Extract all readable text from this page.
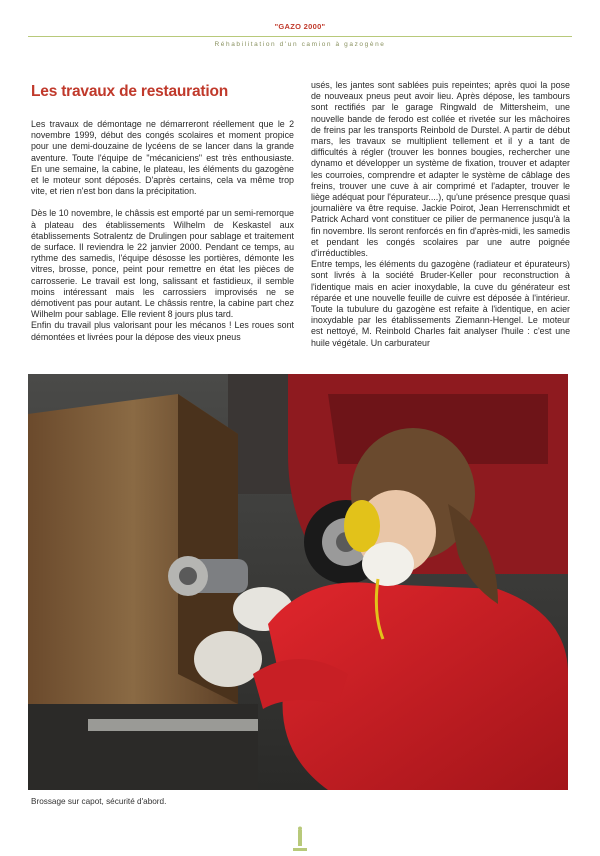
"GAZO 2000"
Réhabilitation d'un camion à gazogène
Les travaux de restauration

Les travaux de démontage ne démarreront réellement que le 2 novembre 1999, début des congés scolaires et moment propice pour une demi-douzaine de lycéens de se lancer dans la grande aventure. Toute l'équipe de "mécaniciens" est très enthousiaste. En une semaine, la cabine, le plateau, les éléments du gazogène et le moteur sont déposés. D'après certains, cela va même trop vite, et rien n'est bon dans la précipitation.

Dès le 10 novembre, le châssis est emporté par un semi-remorque à plateau des établissements Wilhelm de Keskastel aux établissements Sotralentz de Drulingen pour sablage et traitement de surface. Il reviendra le 22 janvier 2000. Pendant ce temps, au rythme des samedis, l'équipe désosse les portières, démonte les vitres, brosse, ponce, peint pour remettre en état les pièces de carrosserie. Le travail est long, salissant et fastidieux, il semble moins intéressant mais les carrossiers improvisés ne se démotivent pas pour autant. Le châssis rentre, la cabine part chez Wilhelm pour sablage. Elle revient 8 jours plus tard.

Enfin du travail plus valorisant pour les mécanos ! Les roues sont démontées et livrées pour la dépose des vieux pneus

usés, les jantes sont sablées puis repeintes; après quoi la pose de nouveaux pneus peut avoir lieu. Après dépose, les tambours sont rectifiés par le garage Ringwald de Mittersheim, une nouvelle bande de ferodo est collée et rivetée sur les mâchoires de freins par les transports Reinbold de Durstel. A partir de début mars, les travaux se multiplient tellement et il y a tant de difficultés à régler (trouver les bonnes bougies, rechercher une dynamo et développer un système de fixation, trouver et adapter les courroies, comprendre et adapter le système de câblage des freins, trouver une cuve à air comprimé et l'adapter, trouver le liège adéquat pour l'épurateur....), qu'une présence presque quasi journalière va être requise. Jackie Poirot, Jean Herrenschmidt et Patrick Achard vont constituer ce pilier de permanence jusqu'à la fin novembre. Ils seront renforcés en fin d'après-midi, les samedis et pendant les congés scolaires par une autre poignée d'irréductibles.

Entre temps, les éléments du gazogène (radiateur et épurateurs) sont livrés à la société Bruder-Keller pour reconstruction à l'identique mais en acier inoxydable, la cuve du générateur est réparée et une nouvelle feuille de cuivre est déposée à l'intérieur. Toute la tubulure du gazogène est refaite à l'identique, en acier inoxydable par les établissements Ziemann-Hengel. Le moteur est nettoyé, M. Reinbold Charles fait analyser l'huile : c'est une huile végétale. Un carburateur

Brossage sur capot, sécurité d'abord.
